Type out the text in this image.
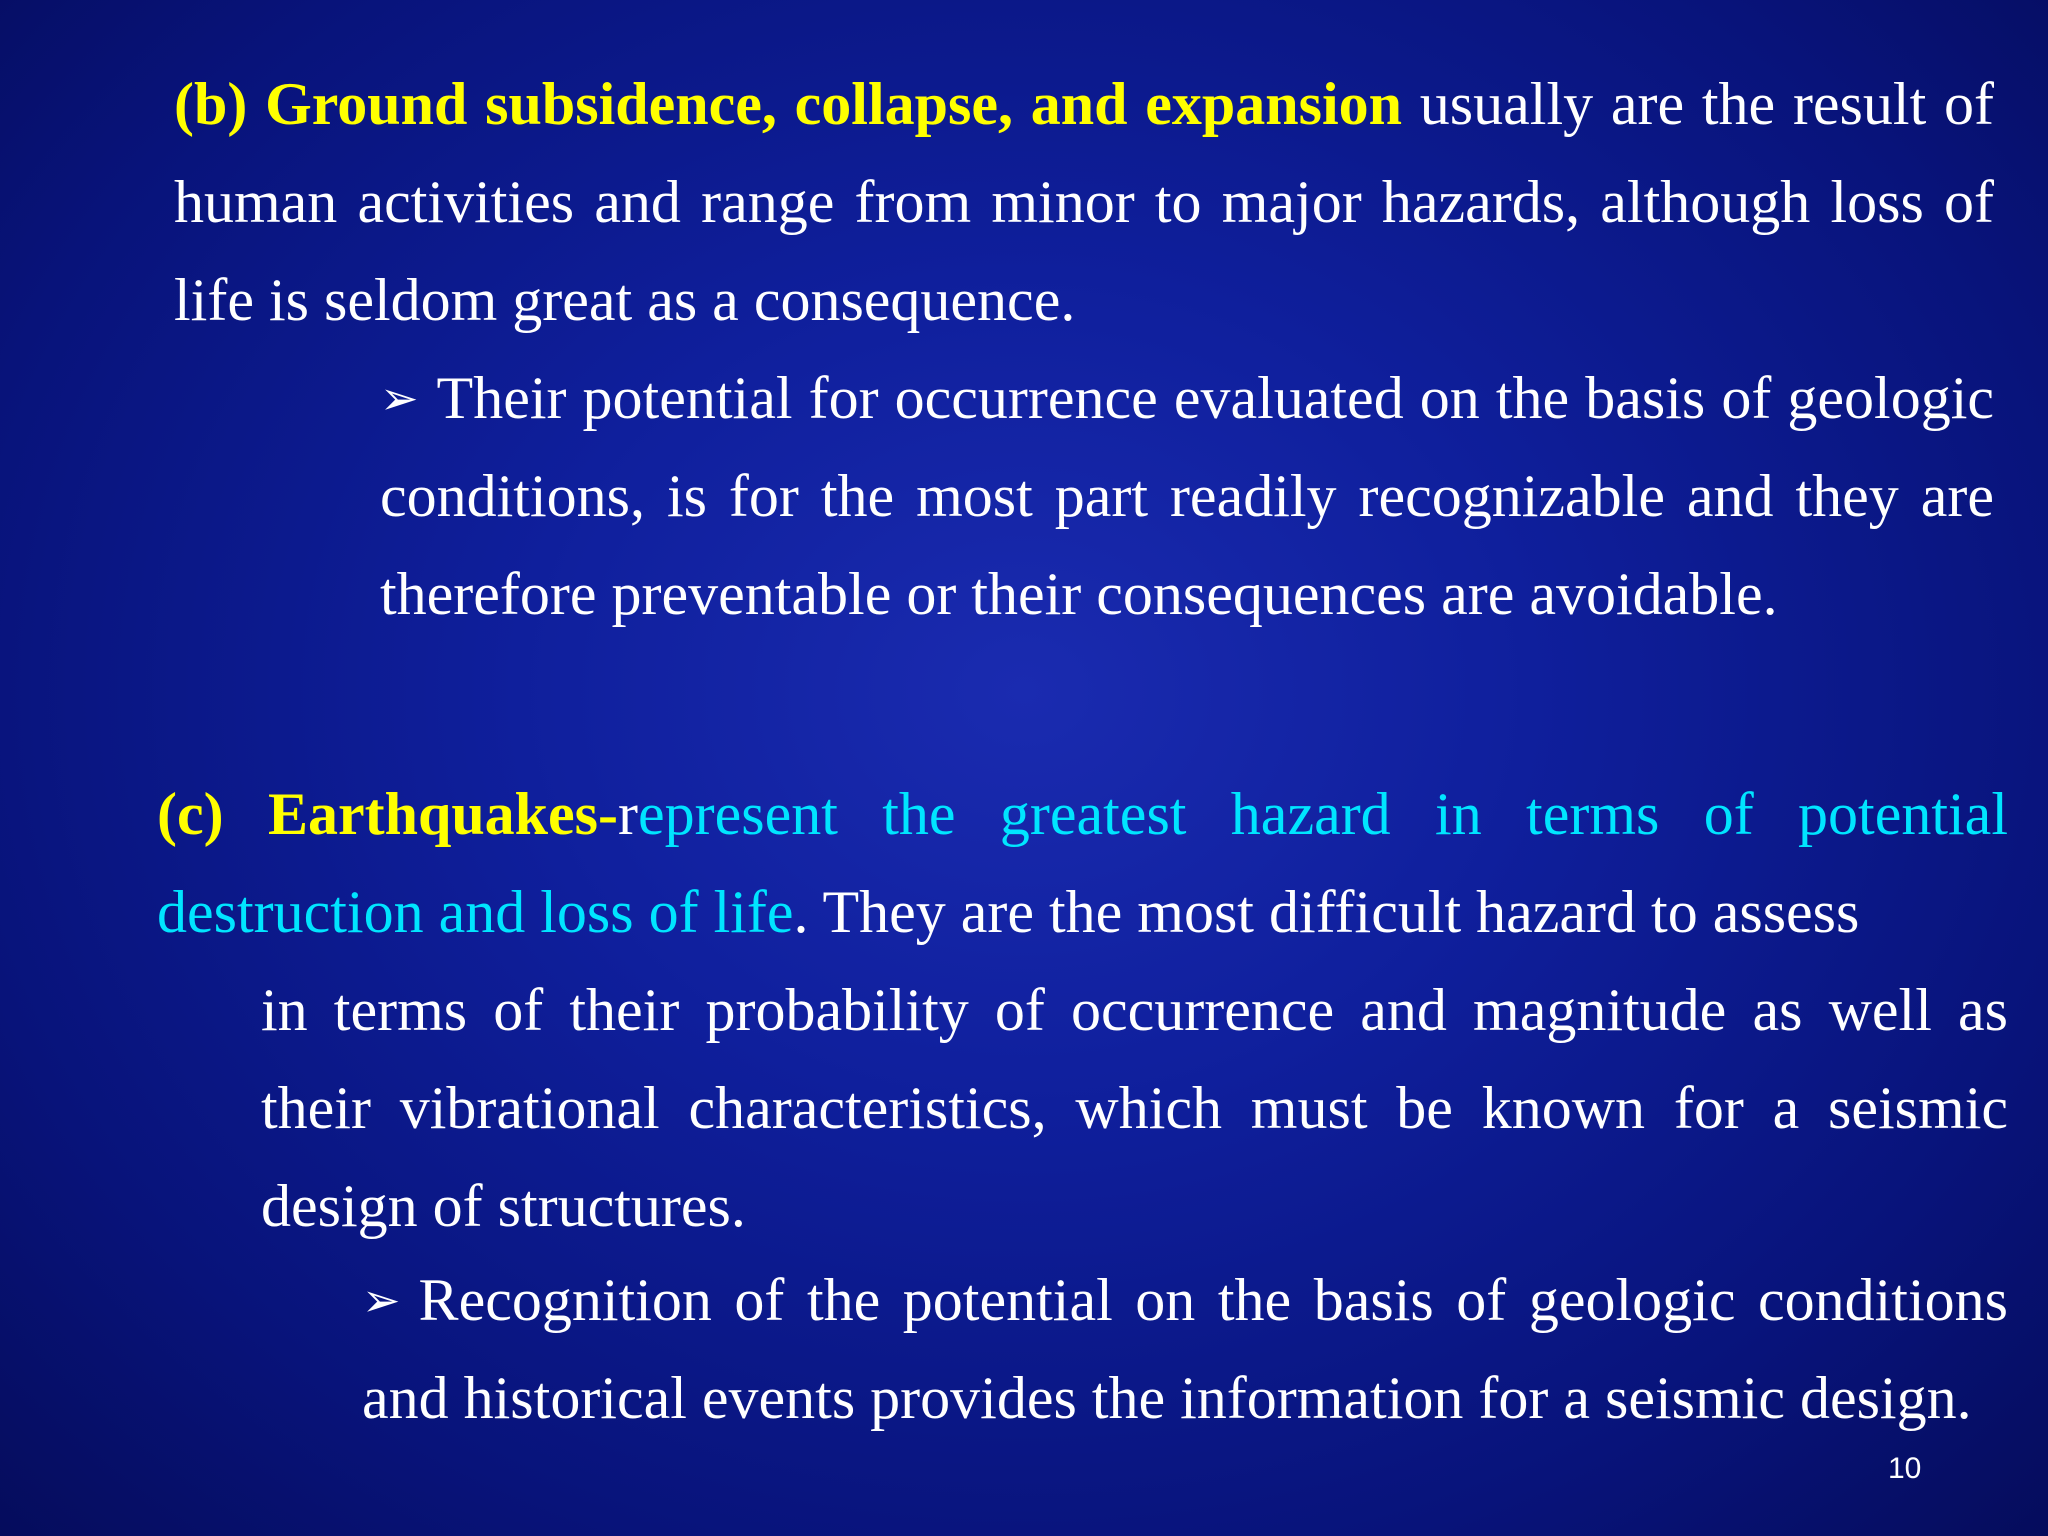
(b) Ground subsidence, collapse, and expansion usually are the result of human activities and range from minor to major hazards, although loss of life is seldom great as a consequence.

➢ Their potential for occurrence evaluated on the basis of geologic conditions, is for the most part readily recognizable and they are therefore preventable or their consequences are avoidable.

(c) Earthquakes-represent the greatest hazard in terms of potential destruction and loss of life. They are the most difficult hazard to assess
in terms of their probability of occurrence and magnitude as well as their vibrational characteristics, which must be known for a seismic design of structures.

➢ Recognition of the potential on the basis of geologic conditions and historical events provides the information for a seismic design.

10
